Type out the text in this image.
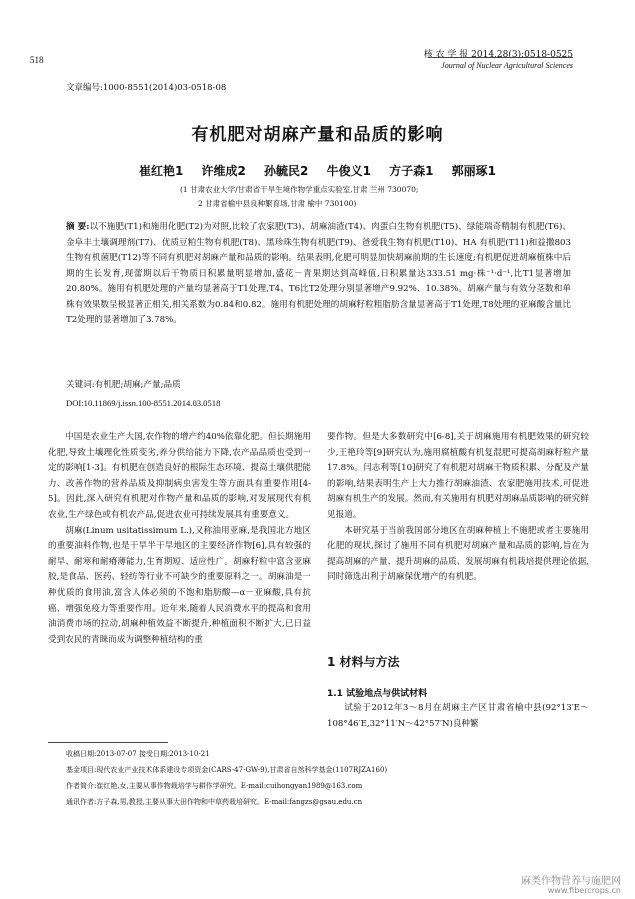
518	核 农 学 报 2014,28(3):0518-0525
Journal of Nuclear Agricultural Sciences
文章编号:1000-8551(2014)03-0518-08
有机肥对胡麻产量和品质的影响
崔红艳1 许维成2 孙毓民2 牛俊义1 方子森1 郭丽琢1
(1 甘肃农业大学/甘肃省干旱生境作物学重点实验室,甘肃 兰州 730070;
2 甘肃省榆中县良种繁育场,甘肃 榆中 730100)
摘 要:以不施肥(T1)和施用化肥(T2)为对照,比较了农家肥(T3)、胡麻油渣(T4)、肉蛋白生物有机肥(T5)、绿能瑞奇精制有机肥(T6)、金阜丰土壤调理剂(T7)、优质豆粕生物有机肥(T8)、黑珍珠生物有机肥(T9)、爸爱我生物有机肥(T10)、HA 有机肥(T11)和益撒803生物有机菌肥(T12)等不同有机肥对胡麻产量和品质的影响。结果表明,化肥可明显加快胡麻前期的生长速度;有机肥促进胡麻植株中后期的生长发育,现蕾期以后干物质日积累量明显增加,盛花－青果期达到高峰值,日积累量达333.51 mg·株⁻¹·d⁻¹,比T1显著增加20.80%。施用有机肥处理的产量均显著高于T1处理,T4、T6比T2处理分别显著增产9.92%、10.38%。胡麻产量与有效分茎数和单株有效果数呈极显著正相关,相关系数为0.84和0.82。施用有机肥处理的胡麻籽粒粗脂肪含量显著高于T1处理,T8处理的亚麻酸含量比T2处理的显著增加了3.78%。
关键词:有机肥;胡麻;产量;品质
DOI:10.11869/j.issn.100-8551.2014.03.0518

中国是农业生产大国,农作物的增产约40%依靠化肥。但长期施用化肥,导致土壤理化性质变劣,养分供给能力下降,农产品品质也受到一定的影响[1-3]。有机肥在创造良好的根际生态环境、提高土壤供肥能力、改善作物的营养品质及抑制病虫害发生等方面具有重要作用[4-5]。因此,深入研究有机肥对作物产量和品质的影响,对发展现代有机农业,生产绿色或有机农产品,促进农业可持续发展具有重要意义。

胡麻(Linum usitatissimum L.),又称油用亚麻,是我国北方地区的重要油料作物,也是干旱半干旱地区的主要经济作物[6],具有较强的耐旱、耐寒和耐瘠薄能力,生育期短、适应性广。胡麻籽粒中富含亚麻胶,是食品、医药、轻纺等行业不可缺少的重要原料之一。胡麻油是一种优质的食用油,富含人体必须的不饱和脂肪酸—α－亚麻酸,具有抗癌、增强免疫力等重要作用。近年来,随着人民消费水平的提高和食用油消费市场的拉动,胡麻种植效益不断提升,种植面积不断扩大,已日益受到农民的青睐而成为调整种植结构的重

要作物。但是大多数研究中[6-8],关于胡麻施用有机肥效果的研究较少,王艳玲等[9]研究认为,施用腐植酸有机复混肥可提高胡麻籽粒产量17.8%。闫志利等[10]研究了有机肥对胡麻干物质积累、分配及产量的影响,结果表明生产上大力推行胡麻油渣、农家肥施用技术,可促进胡麻有机生产的发展。然而,有关施用有机肥对胡麻品质影响的研究鲜见报道。

本研究基于当前我国部分地区在胡麻种植上不施肥或者主要施用化肥的现状,探讨了施用不同有机肥对胡麻产量和品质的影响,旨在为提高胡麻的产量、提升胡麻的品质、发展胡麻有机栽培提供理论依据,同时筛选出利于胡麻保优增产的有机肥。

1 材料与方法
1.1 试验地点与供试材料

试验于2012年3～8月在胡麻主产区甘肃省榆中县(92°13′E～108°46′E,32°11′N～42°57′N)良种繁

收稿日期:2013-07-07 接受日期:2013-10-21
基金项目:现代农业产业技术体系建设专项资金(CARS-47-GW-9),甘肃省自然科学基金(1107RJZA160)
作者简介:崔红艳,女,主要从事作物栽培学与耕作学研究。E-mail:cuihongyan1989@163.com
通讯作者:方子森,男,教授,主要从事大田作物和中草药栽培研究。E-mail:fangzs@gsau.edu.cn
麻类作物营养与施肥网
www.fibercrops.cn
